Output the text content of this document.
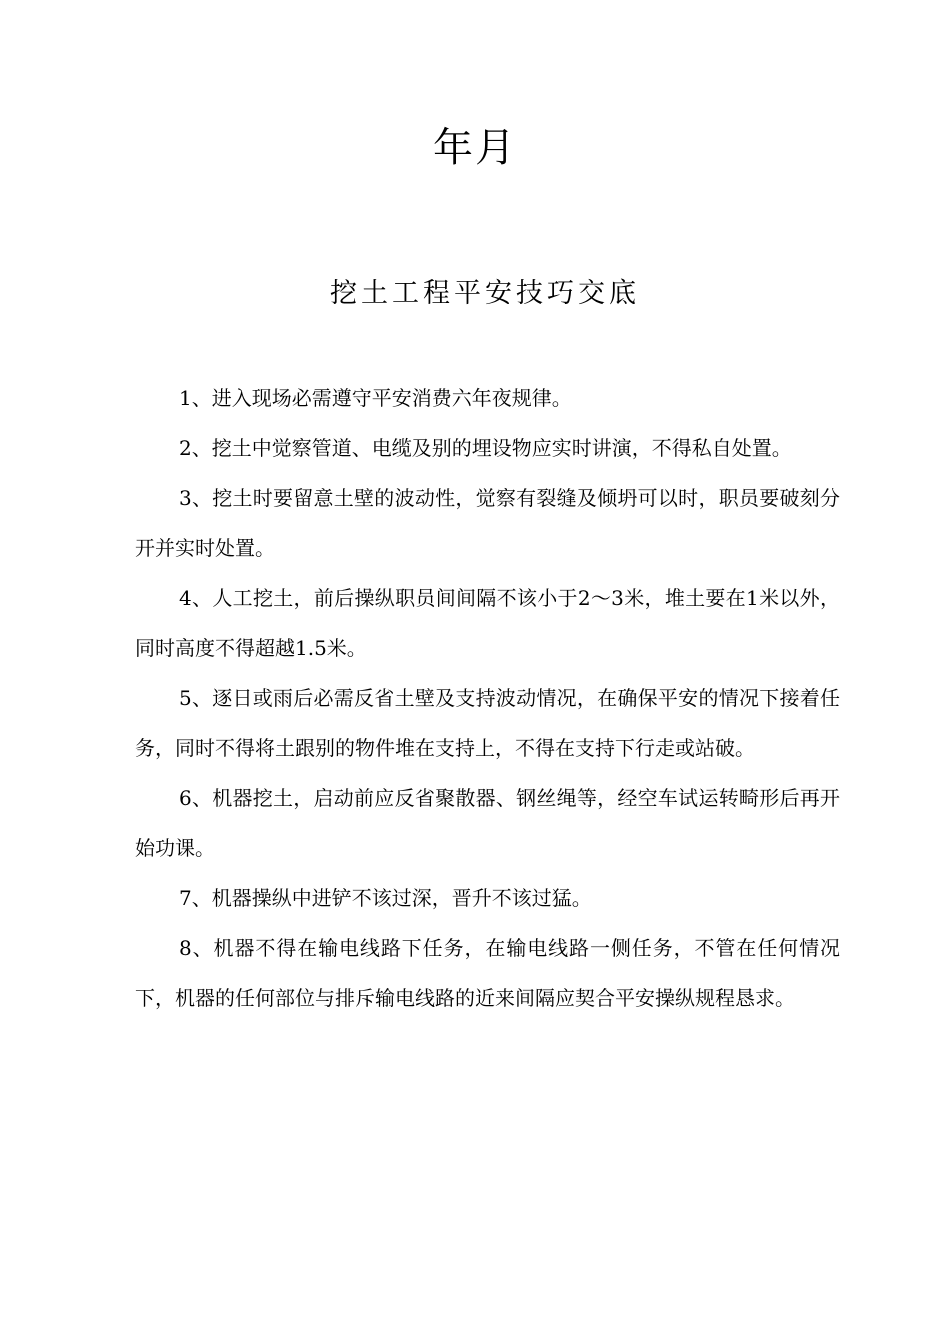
年月
挖土工程平安技巧交底

1、进入现场必需遵守平安消费六年夜规律。

2、挖土中觉察管道、电缆及别的埋设物应实时讲演，不得私自处置。

3、挖土时要留意土壁的波动性，觉察有裂缝及倾坍可以时，职员要破刻分开并实时处置。

4、人工挖土，前后操纵职员间间隔不该小于2～3米，堆土要在1米以外，同时高度不得超越1.5米。

5、逐日或雨后必需反省土壁及支持波动情况，在确保平安的情况下接着任务，同时不得将土跟别的物件堆在支持上，不得在支持下行走或站破。

6、机器挖土，启动前应反省聚散器、钢丝绳等，经空车试运转畸形后再开始功课。

7、机器操纵中进铲不该过深，晋升不该过猛。

8、机器不得在输电线路下任务，在输电线路一侧任务，不管在任何情况下，机器的任何部位与排斥输电线路的近来间隔应契合平安操纵规程恳求。
